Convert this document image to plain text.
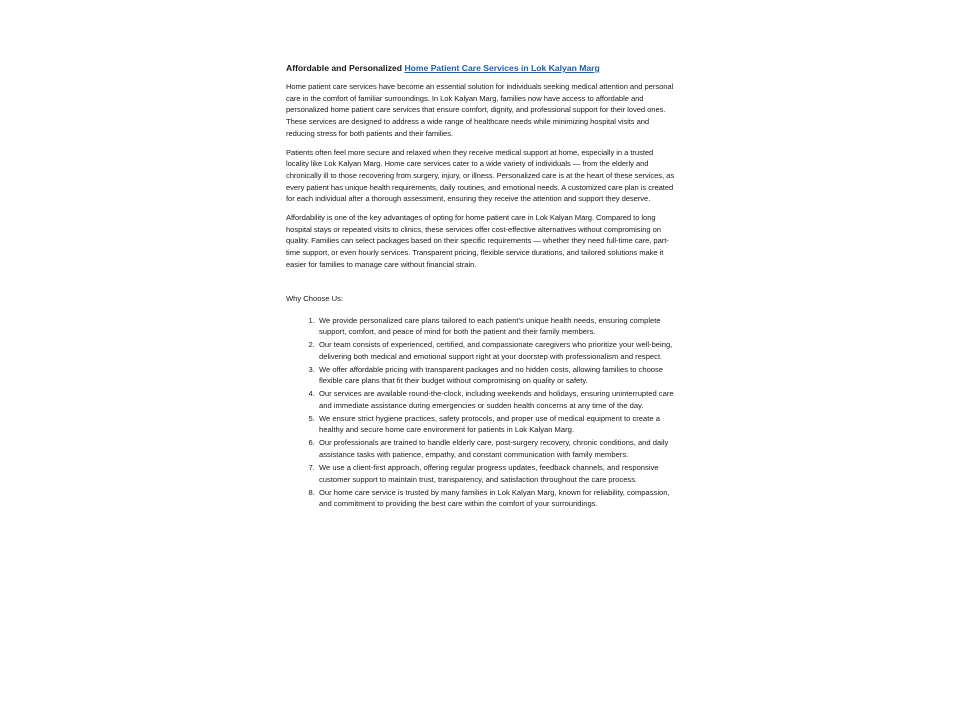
Affordable and Personalized Home Patient Care Services in Lok Kalyan Marg

Home patient care services have become an essential solution for individuals seeking medical attention and personal care in the comfort of familiar surroundings. In Lok Kalyan Marg, families now have access to affordable and personalized home patient care services that ensure comfort, dignity, and professional support for their loved ones. These services are designed to address a wide range of healthcare needs while minimizing hospital visits and reducing stress for both patients and their families.

Patients often feel more secure and relaxed when they receive medical support at home, especially in a trusted locality like Lok Kalyan Marg. Home care services cater to a wide variety of individuals — from the elderly and chronically ill to those recovering from surgery, injury, or illness. Personalized care is at the heart of these services, as every patient has unique health requirements, daily routines, and emotional needs. A customized care plan is created for each individual after a thorough assessment, ensuring they receive the attention and support they deserve.

Affordability is one of the key advantages of opting for home patient care in Lok Kalyan Marg. Compared to long hospital stays or repeated visits to clinics, these services offer cost-effective alternatives without compromising on quality. Families can select packages based on their specific requirements — whether they need full-time care, part-time support, or even hourly services. Transparent pricing, flexible service durations, and tailored solutions make it easier for families to manage care without financial strain.

Why Choose Us:
1. We provide personalized care plans tailored to each patient's unique health needs, ensuring complete support, comfort, and peace of mind for both the patient and their family members.
2. Our team consists of experienced, certified, and compassionate caregivers who prioritize your well-being, delivering both medical and emotional support right at your doorstep with professionalism and respect.
3. We offer affordable pricing with transparent packages and no hidden costs, allowing families to choose flexible care plans that fit their budget without compromising on quality or safety.
4. Our services are available round-the-clock, including weekends and holidays, ensuring uninterrupted care and immediate assistance during emergencies or sudden health concerns at any time of the day.
5. We ensure strict hygiene practices, safety protocols, and proper use of medical equipment to create a healthy and secure home care environment for patients in Lok Kalyan Marg.
6. Our professionals are trained to handle elderly care, post-surgery recovery, chronic conditions, and daily assistance tasks with patience, empathy, and constant communication with family members.
7. We use a client-first approach, offering regular progress updates, feedback channels, and responsive customer support to maintain trust, transparency, and satisfaction throughout the care process.
8. Our home care service is trusted by many families in Lok Kalyan Marg, known for reliability, compassion, and commitment to providing the best care within the comfort of your surroundings.
